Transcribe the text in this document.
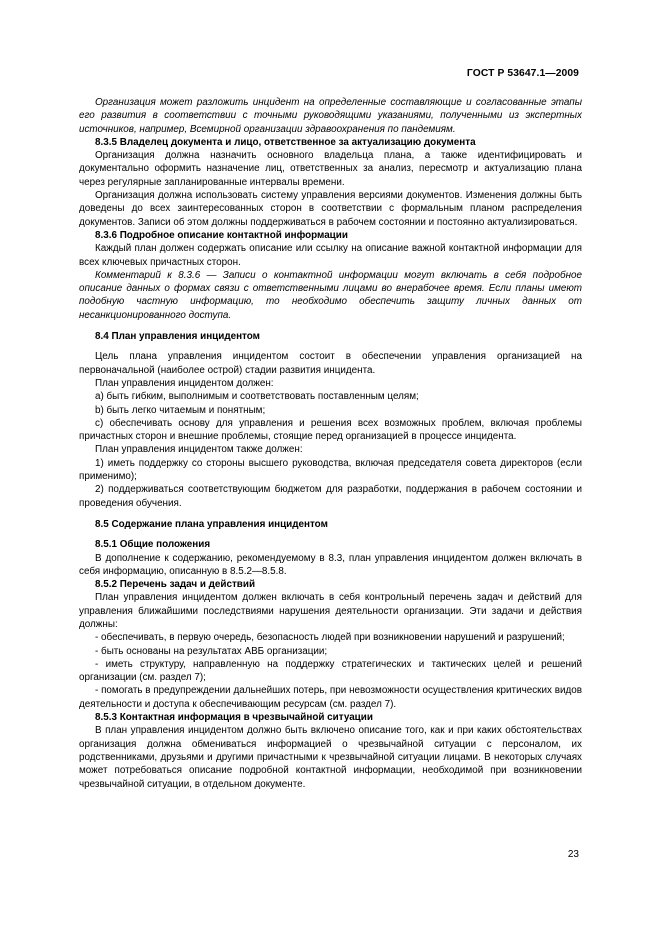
ГОСТ Р 53647.1—2009

Организация может разложить инцидент на определенные составляющие и согласованные этапы его развития в соответствии с точными руководящими указаниями, полученными из экспертных источников, например, Всемирной организации здравоохранения по пандемиям.

8.3.5 Владелец документа и лицо, ответственное за актуализацию документа

Организация должна назначить основного владельца плана, а также идентифицировать и документально оформить назначение лиц, ответственных за анализ, пересмотр и актуализацию плана через регулярные запланированные интервалы времени.

Организация должна использовать систему управления версиями документов. Изменения должны быть доведены до всех заинтересованных сторон в соответствии с формальным планом распределения документов. Записи об этом должны поддерживаться в рабочем состоянии и постоянно актуализироваться.

8.3.6 Подробное описание контактной информации

Каждый план должен содержать описание или ссылку на описание важной контактной информации для всех ключевых причастных сторон.

Комментарий к 8.3.6 — Записи о контактной информации могут включать в себя подробное описание данных о формах связи с ответственными лицами во внерабочее время. Если планы имеют подобную частную информацию, то необходимо обеспечить защиту личных данных от несанкционированного доступа.

8.4 План управления инцидентом

Цель плана управления инцидентом состоит в обеспечении управления организацией на первоначальной (наиболее острой) стадии развития инцидента.

План управления инцидентом должен:

а) быть гибким, выполнимым и соответствовать поставленным целям;

b) быть легко читаемым и понятным;

с) обеспечивать основу для управления и решения всех возможных проблем, включая проблемы причастных сторон и внешние проблемы, стоящие перед организацией в процессе инцидента.

План управления инцидентом также должен:

1) иметь поддержку со стороны высшего руководства, включая председателя совета директоров (если применимо);

2) поддерживаться соответствующим бюджетом для разработки, поддержания в рабочем состоянии и проведения обучения.

8.5 Содержание плана управления инцидентом

8.5.1 Общие положения

В дополнение к содержанию, рекомендуемому в 8.3, план управления инцидентом должен включать в себя информацию, описанную в 8.5.2—8.5.8.

8.5.2 Перечень задач и действий

План управления инцидентом должен включать в себя контрольный перечень задач и действий для управления ближайшими последствиями нарушения деятельности организации. Эти задачи и действия должны:

- обеспечивать, в первую очередь, безопасность людей при возникновении нарушений и разрушений;

- быть основаны на результатах АВБ организации;

- иметь структуру, направленную на поддержку стратегических и тактических целей и решений организации (см. раздел 7);

- помогать в предупреждении дальнейших потерь, при невозможности осуществления критических видов деятельности и доступа к обеспечивающим ресурсам (см. раздел 7).

8.5.3 Контактная информация в чрезвычайной ситуации

В план управления инцидентом должно быть включено описание того, как и при каких обстоятельствах организация должна обмениваться информацией о чрезвычайной ситуации с персоналом, их родственниками, друзьями и другими причастными к чрезвычайной ситуации лицами. В некоторых случаях может потребоваться описание подробной контактной информации, необходимой при возникновении чрезвычайной ситуации, в отдельном документе.

23
